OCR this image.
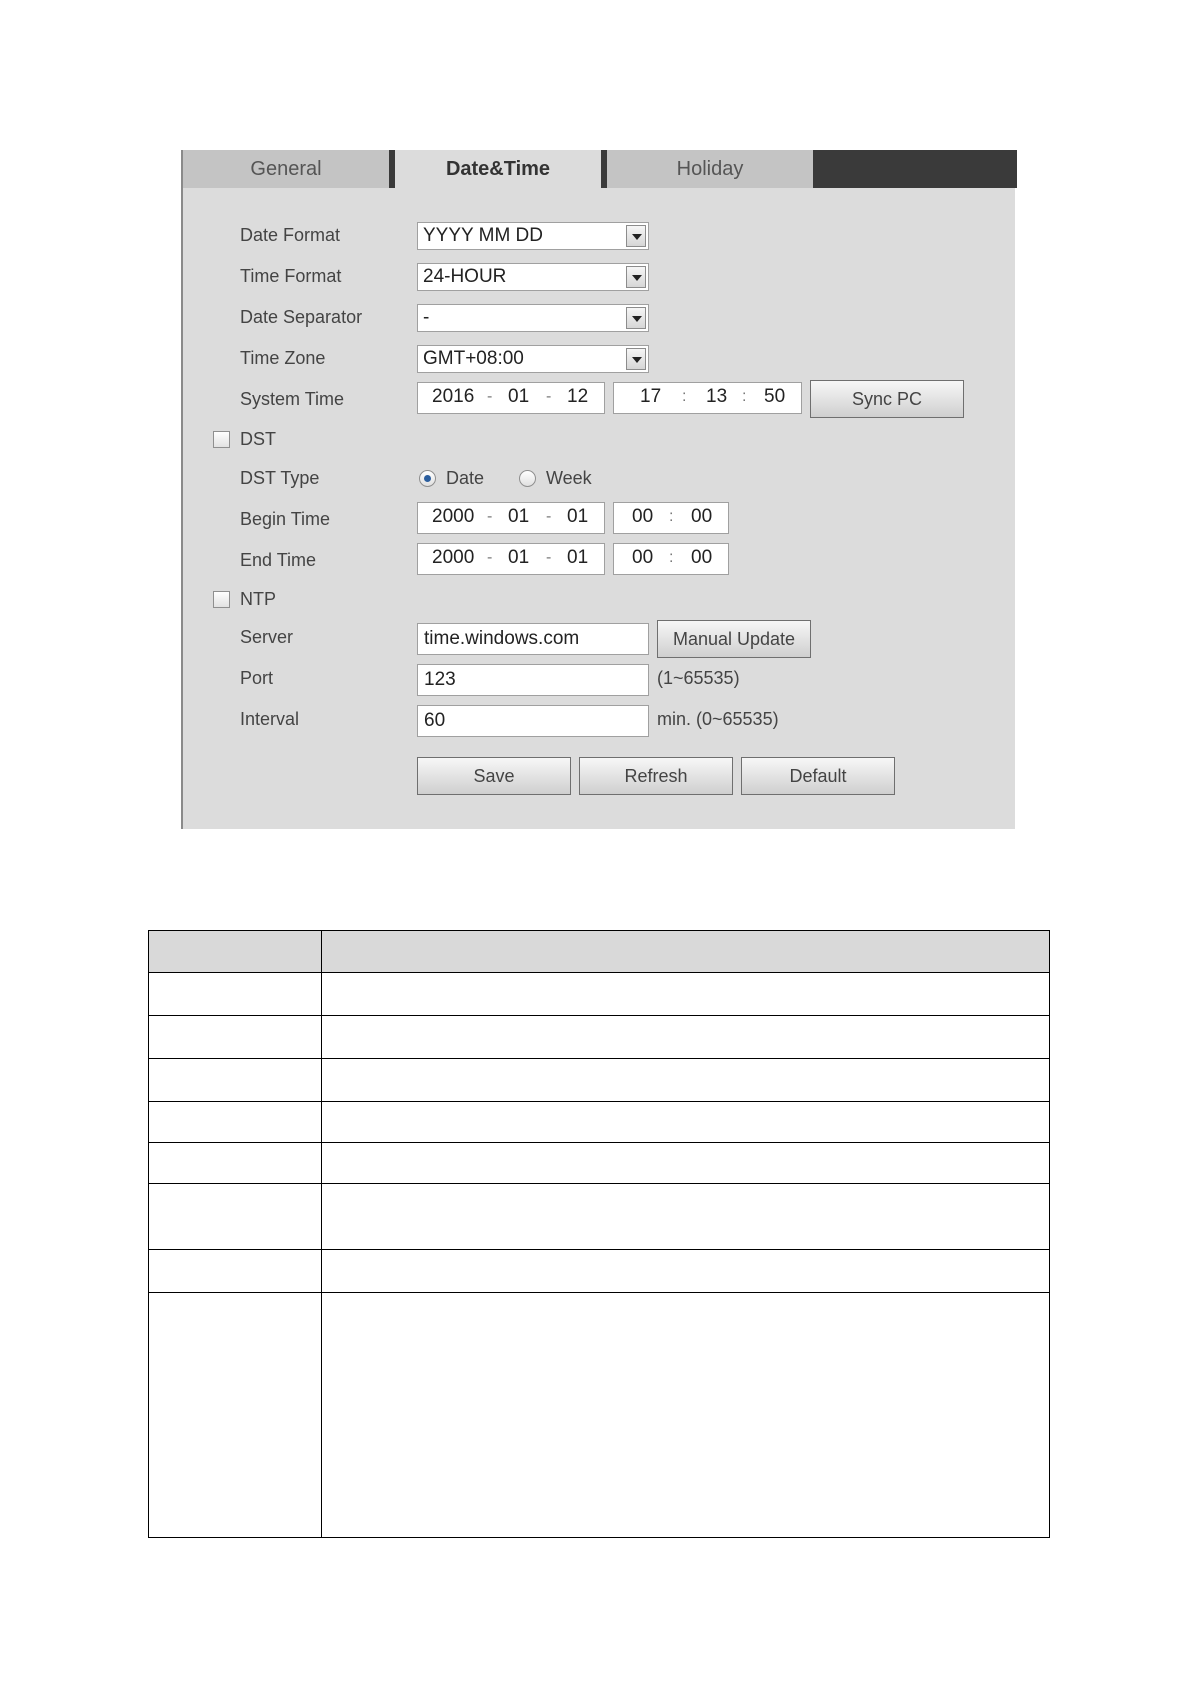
General	Date&Time	Holiday
Date Format	YYYY MM DD
Time Format	24-HOUR
Date Separator	-
Time Zone	GMT+08:00
System Time	2016 - 01 - 12	17 : 13 : 50	Sync PC
DST
DST Type	Date	Week
Begin Time	2000 - 01 - 01 00 : 00
End Time	2000 - 01 - 01 00 : 00
NTP
Server	time.windows.com	Manual Update
Port	123	(1~65535)
Interval	60	min. (0~65535)
Save	Refresh	Default
